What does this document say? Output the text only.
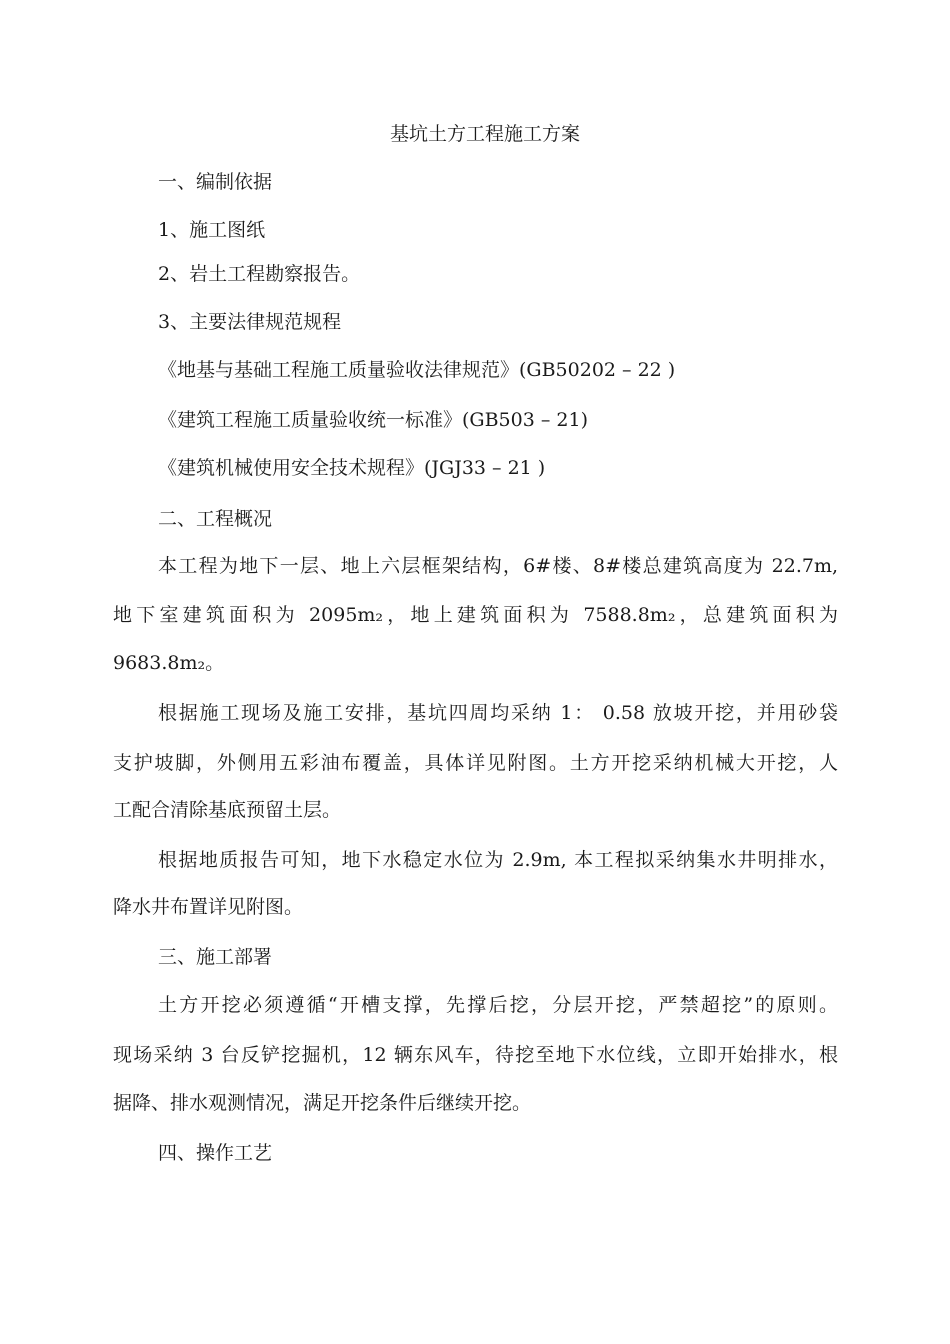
基坑土方工程施工方案
一、编制依据
1、施工图纸
2、岩土工程勘察报告。
3、主要法律规范规程
《地基与基础工程施工质量验收法律规范》(GB50202 – 22 )
《建筑工程施工质量验收统一标准》(GB503 – 21)
《建筑机械使用安全技术规程》(JGJ33 – 21 )
二、工程概况
本工程为地下一层、地上六层框架结构，6#楼、8#楼总建筑高度为 22.7m,
地下室建筑面积为 2095m₂，地上建筑面积为 7588.8m₂，总建筑面积为
9683.8m₂。
根据施工现场及施工安排，基坑四周均采纳 1： 0.58 放坡开挖，并用砂袋
支护坡脚，外侧用五彩油布覆盖，具体详见附图。土方开挖采纳机械大开挖，人
工配合清除基底预留土层。
根据地质报告可知，地下水稳定水位为 2.9m, 本工程拟采纳集水井明排水，
降水井布置详见附图。
三、施工部署
土方开挖必须遵循“开槽支撑，先撑后挖，分层开挖，严禁超挖”的原则。
现场采纳 3 台反铲挖掘机，12 辆东风车，待挖至地下水位线，立即开始排水，根
据降、排水观测情况，满足开挖条件后继续开挖。
四、操作工艺
